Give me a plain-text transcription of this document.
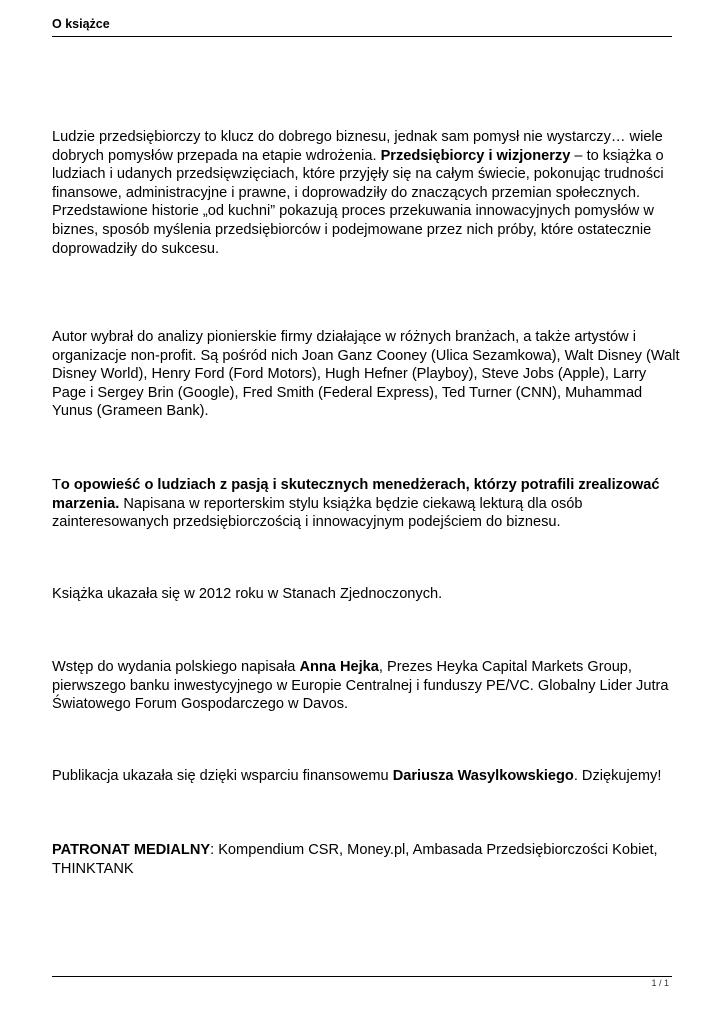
O książce
Ludzie przedsiębiorczy to klucz do dobrego biznesu, jednak sam pomysł nie wystarczy… wiele dobrych pomysłów przepada na etapie wdrożenia. Przedsiębiorcy i wizjonerzy – to książka o ludziach i udanych przedsięwzięciach, które przyjęły się na całym świecie, pokonując trudności finansowe, administracyjne i prawne, i doprowadziły do znaczących przemian społecznych. Przedstawione historie „od kuchni” pokazują proces przekuwania innowacyjnych pomysłów w biznes, sposób myślenia przedsiębiorców i podejmowane przez nich próby, które ostatecznie doprowadziły do sukcesu.
Autor wybrał do analizy pionierskie firmy działające w różnych branżach, a także artystów i organizacje non-profit. Są pośród nich Joan Ganz Cooney (Ulica Sezamkowa), Walt Disney (Walt Disney World), Henry Ford (Ford Motors), Hugh Hefner (Playboy), Steve Jobs (Apple), Larry Page i Sergey Brin (Google), Fred Smith (Federal Express), Ted Turner (CNN), Muhammad Yunus (Grameen Bank).
To opowieść o ludziach z pasją i skutecznych menedżerach, którzy potrafili zrealizować marzenia. Napisana w reporterskim stylu książka będzie ciekawą lekturą dla osób zainteresowanych przedsiębiorczością i innowacyjnym podejściem do biznesu.
Książka ukazała się w 2012 roku w Stanach Zjednoczonych.
Wstęp do wydania polskiego napisała Anna Hejka, Prezes Heyka Capital Markets Group, pierwszego banku inwestycyjnego w Europie Centralnej i funduszy PE/VC. Globalny Lider Jutra Światowego Forum Gospodarczego w Davos.
Publikacja ukazała się dzięki wsparciu finansowemu Dariusza Wasylkowskiego. Dziękujemy!
PATRONAT MEDIALNY: Kompendium CSR, Money.pl, Ambasada Przedsiębiorczości Kobiet, THINKTANK
1 / 1
